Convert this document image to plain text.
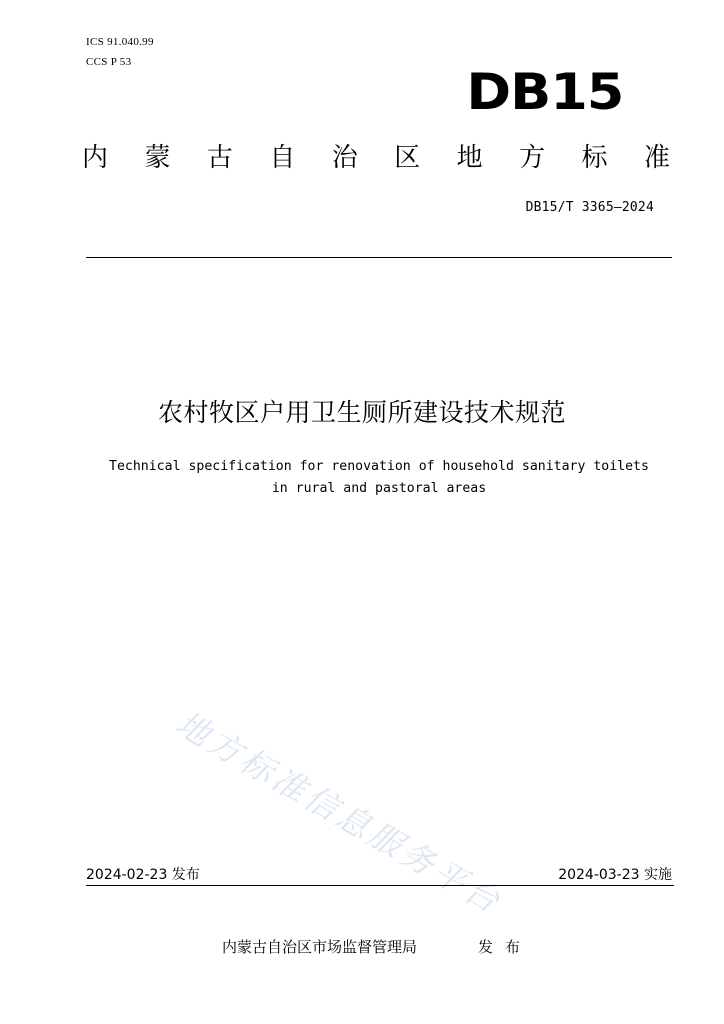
ICS 91.040.99
CCS P 53
DB15
内 蒙 古 自 治 区 地 方 标 准
DB15/T 3365—2024
农村牧区户用卫生厕所建设技术规范
Technical specification for renovation of household sanitary toilets
in rural and pastoral areas
地方标准信息服务平台
2024-02-23 发布	2024-03-23 实施
内蒙古自治区市场监督管理局	发布
